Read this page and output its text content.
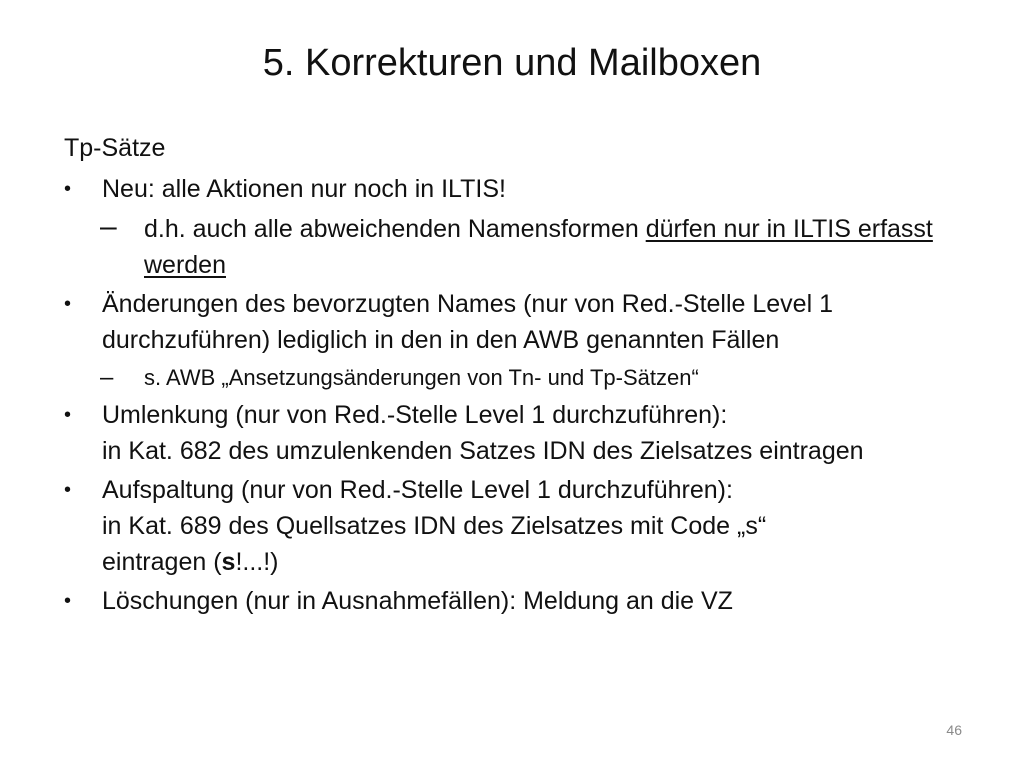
5. Korrekturen und Mailboxen
Tp-Sätze
•	Neu: alle Aktionen nur noch in ILTIS!
– d.h. auch alle abweichenden Namensformen dürfen nur in ILTIS erfasst werden
•	Änderungen des bevorzugten Names (nur von Red.-Stelle Level 1 durchzuführen) lediglich in den in den AWB genannten Fällen
– s. AWB „Ansetzungsänderungen von Tn- und Tp-Sätzen“
•	Umlenkung (nur von Red.-Stelle Level 1 durchzuführen):
in Kat. 682 des umzulenkenden Satzes IDN des Zielsatzes eintragen
•	Aufspaltung (nur von Red.-Stelle Level 1 durchzuführen):
in Kat. 689 des Quellsatzes IDN des Zielsatzes mit Code „s“
eintragen (s!...!)
•	Löschungen (nur in Ausnahmefällen): Meldung an die VZ
46
